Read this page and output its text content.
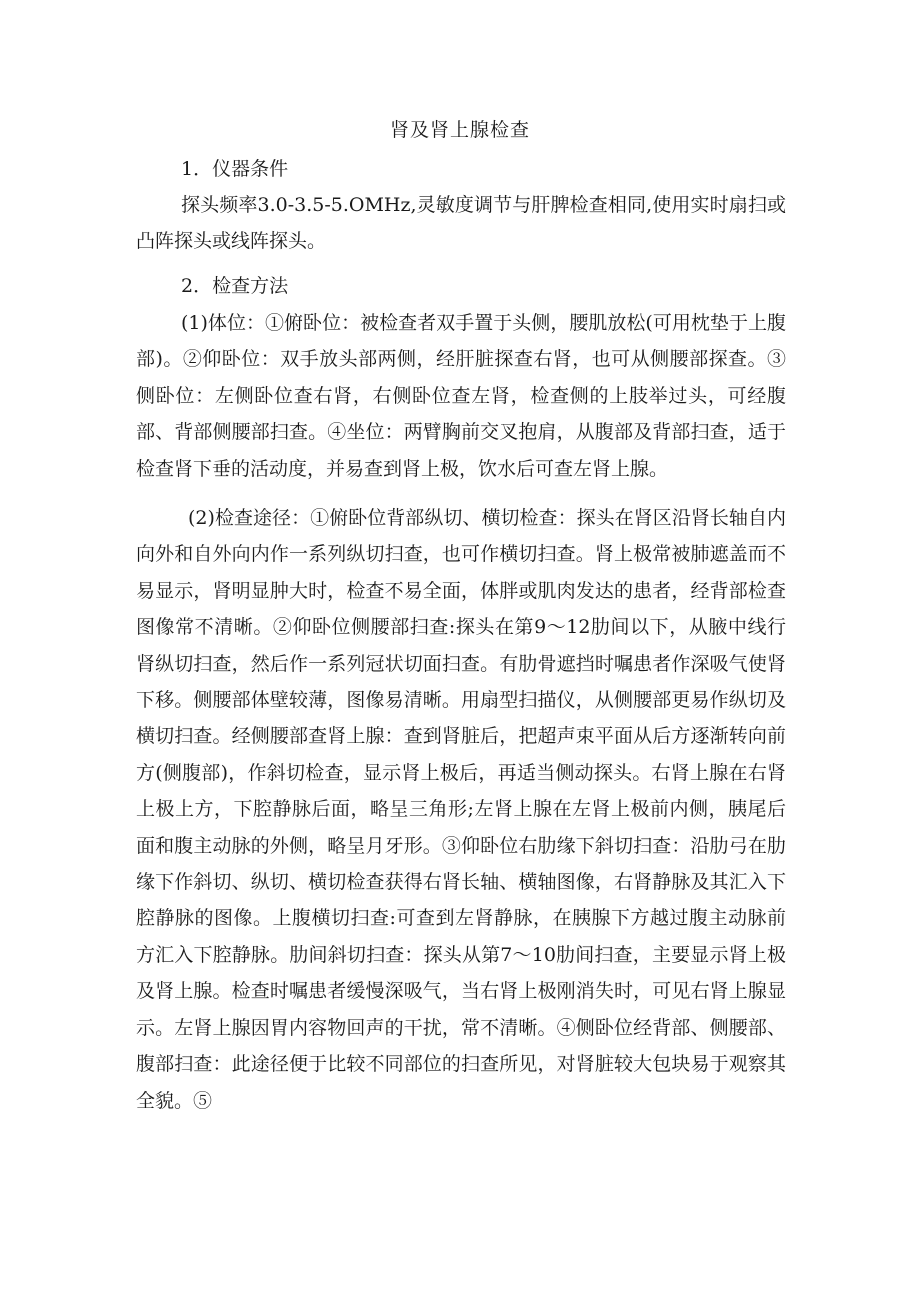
肾及肾上腺检查
1．仪器条件

探头频率3.0-3.5-5.OMHz,灵敏度调节与肝脾检查相同,使用实时扇扫或凸阵探头或线阵探头。

2．检查方法

(1)体位：①俯卧位：被检查者双手置于头侧，腰肌放松(可用枕垫于上腹部)。②仰卧位：双手放头部两侧，经肝脏探查右肾，也可从侧腰部探查。③侧卧位：左侧卧位查右肾，右侧卧位查左肾，检查侧的上肢举过头，可经腹部、背部侧腰部扫查。④坐位：两臂胸前交叉抱肩，从腹部及背部扫查，适于检查肾下垂的活动度，并易查到肾上极，饮水后可查左肾上腺。

(2)检查途径：①俯卧位背部纵切、横切检查：探头在肾区沿肾长轴自内向外和自外向内作一系列纵切扫查，也可作横切扫查。肾上极常被肺遮盖而不易显示，肾明显肿大时，检查不易全面，体胖或肌肉发达的患者，经背部检查图像常不清晰。②仰卧位侧腰部扫查:探头在第9～12肋间以下，从腋中线行肾纵切扫查，然后作一系列冠状切面扫查。有肋骨遮挡时嘱患者作深吸气使肾下移。侧腰部体壁较薄，图像易清晰。用扇型扫描仪，从侧腰部更易作纵切及横切扫查。经侧腰部查肾上腺：查到肾脏后，把超声束平面从后方逐渐转向前方(侧腹部)，作斜切检查，显示肾上极后，再适当侧动探头。右肾上腺在右肾上极上方，下腔静脉后面，略呈三角形;左肾上腺在左肾上极前内侧，胰尾后面和腹主动脉的外侧，略呈月牙形。③仰卧位右肋缘下斜切扫查：沿肋弓在肋缘下作斜切、纵切、横切检查获得右肾长轴、横轴图像，右肾静脉及其汇入下腔静脉的图像。上腹横切扫查:可查到左肾静脉，在胰腺下方越过腹主动脉前方汇入下腔静脉。肋间斜切扫查：探头从第7～10肋间扫查，主要显示肾上极及肾上腺。检查时嘱患者缓慢深吸气，当右肾上极刚消失时，可见右肾上腺显示。左肾上腺因胃内容物回声的干扰，常不清晰。④侧卧位经背部、侧腰部、腹部扫查：此途径便于比较不同部位的扫查所见，对肾脏较大包块易于观察其全貌。⑤
